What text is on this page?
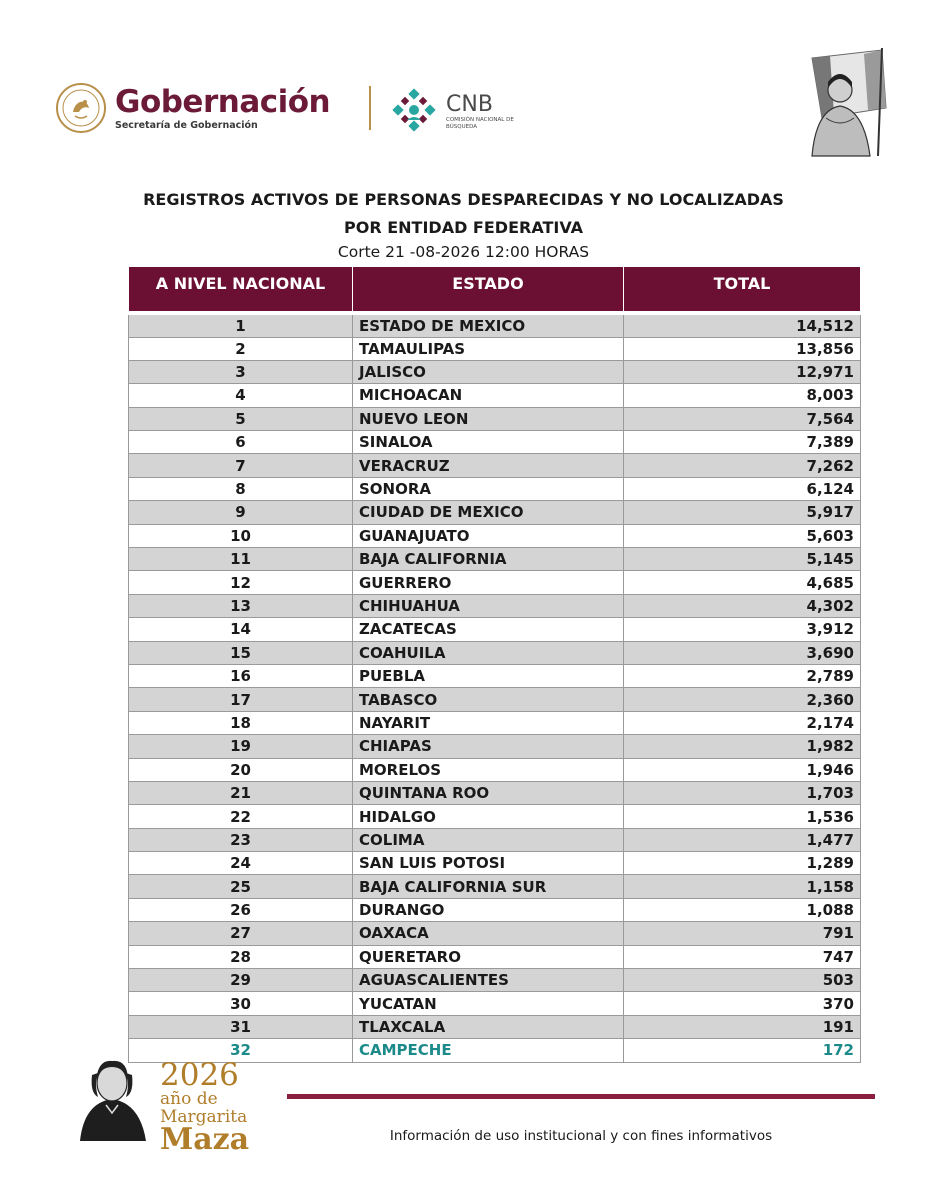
Gobernación
Secretaría de Gobernación
CNB
COMISIÓN NACIONAL DE BÚSQUEDA
REGISTROS ACTIVOS DE PERSONAS DESPARECIDAS Y NO LOCALIZADAS
POR ENTIDAD FEDERATIVA
Corte 21 -08-2026 12:00 HORAS
A NIVEL NACIONAL	ESTADO	TOTAL
1	ESTADO DE MEXICO	14,512
2	TAMAULIPAS	13,856
3	JALISCO	12,971
4	MICHOACAN	8,003
5	NUEVO LEON	7,564
6	SINALOA	7,389
7	VERACRUZ	7,262
8	SONORA	6,124
9	CIUDAD DE MEXICO	5,917
10	GUANAJUATO	5,603
11	BAJA CALIFORNIA	5,145
12	GUERRERO	4,685
13	CHIHUAHUA	4,302
14	ZACATECAS	3,912
15	COAHUILA	3,690
16	PUEBLA	2,789
17	TABASCO	2,360
18	NAYARIT	2,174
19	CHIAPAS	1,982
20	MORELOS	1,946
21	QUINTANA ROO	1,703
22	HIDALGO	1,536
23	COLIMA	1,477
24	SAN LUIS POTOSI	1,289
25	BAJA CALIFORNIA SUR	1,158
26	DURANGO	1,088
27	OAXACA	791
28	QUERETARO	747
29	AGUASCALIENTES	503
30	YUCATAN	370
31	TLAXCALA	191
32	CAMPECHE	172
2026
año de
Margarita
Maza	Información de uso institucional y con fines informativos
